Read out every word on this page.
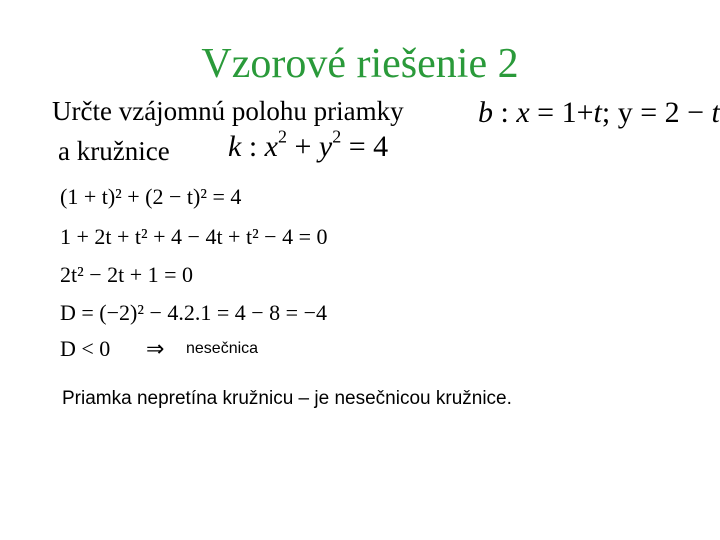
Vzorové riešenie 2
Určte vzájomnú polohu priamky b : x = 1+t; y = 2 − t
a kružnice k : $x^2 + y^2 = 4$
(1 + t)² + (2 − t)² = 4
1 + 2t + t² + 4 − 4t + t² − 4 = 0
2t² − 2t + 1 = 0
D = (−2)² − 4.2.1 = 4 − 8 = −4
D < 0 ⇒ nesečnica
Priamka nepretína kružnicu – je nesečnicou kružnice.
